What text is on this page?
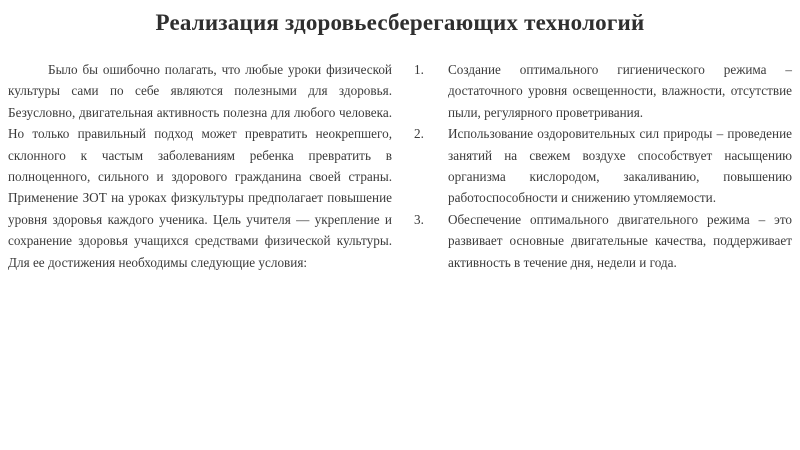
Реализация здоровьесберегающих технологий

Было бы ошибочно полагать, что любые уроки физической культуры сами по себе являются полезными для здоровья. Безусловно, двигательная активность полезна для любого человека. Но только правильный подход может превратить неокрепшего, склонного к частым заболеваниям ребенка превратить в полноценного, сильного и здорового гражданина своей страны. Применение ЗОТ на уроках физкультуры предполагает повышение уровня здоровья каждого ученика. Цель учителя — укрепление и сохранение здоровья учащихся средствами физической культуры. Для ее достижения необходимы следующие условия:

1. Создание оптимального гигиенического режима – достаточного уровня освещенности, влажности, отсутствие пыли, регулярного проветривания.
2. Использование оздоровительных сил природы – проведение занятий на свежем воздухе способствует насыщению организма кислородом, закаливанию, повышению работоспособности и снижению утомляемости.
3. Обеспечение оптимального двигательного режима – это развивает основные двигательные качества, поддерживает активность в течение дня, недели и года.
